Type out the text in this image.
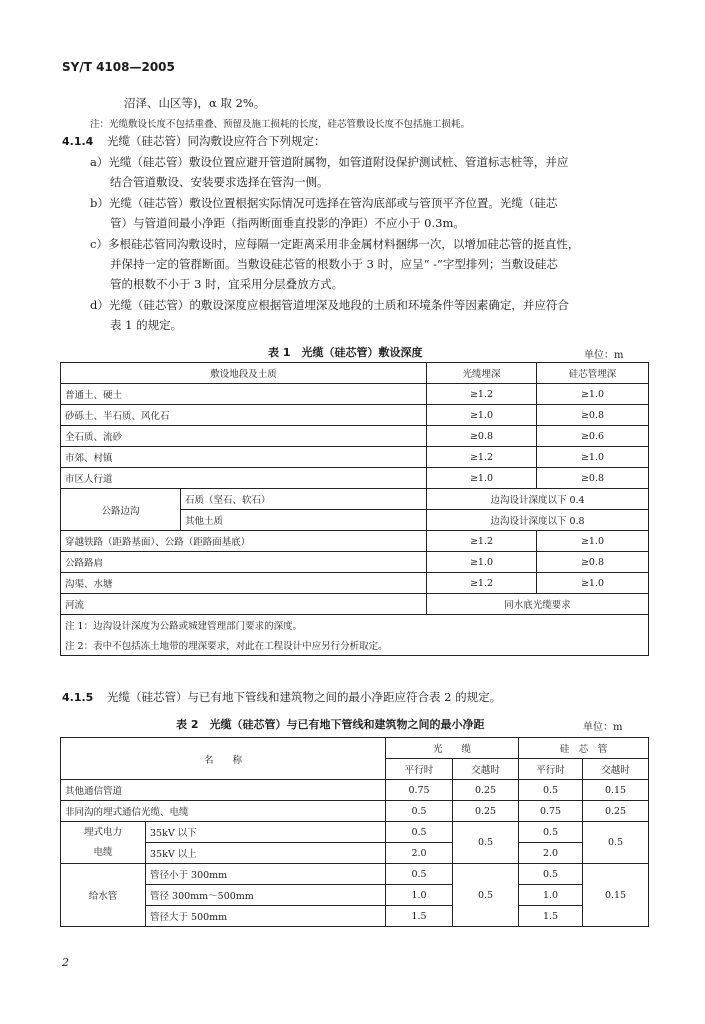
SY/T 4108—2005
沼泽、山区等)，α 取 2%。
注：光缆敷设长度不包括重叠、预留及施工损耗的长度，硅芯管敷设长度不包括施工损耗。
4.1.4 光缆（硅芯管）同沟敷设应符合下列规定：
a）光缆（硅芯管）敷设位置应避开管道附属物，如管道附设保护测试桩、管道标志桩等，并应
结合管道敷设、安装要求选择在管沟一侧。
b）光缆（硅芯管）敷设位置根据实际情况可选择在管沟底部或与管顶平齐位置。光缆（硅芯
管）与管道间最小净距（指两断面垂直投影的净距）不应小于 0.3m。
c）多根硅芯管同沟敷设时，应每隔一定距离采用非金属材料捆绑一次，以增加硅芯管的挺直性，
并保持一定的管群断面。当敷设硅芯管的根数小于 3 时，应呈“ -”字型排列；当敷设硅芯
管的根数不小于 3 时，宜采用分层叠放方式。
d）光缆（硅芯管）的敷设深度应根据管道埋深及地段的土质和环境条件等因素确定，并应符合
表 1 的规定。
表 1　光缆（硅芯管）敷设深度	单位：m
敷设地段及土质		光缆埋深	硅芯管埋深
普通土、硬土		≥1.2	≥1.0
砂砾土、半石质、风化石		≥1.0	≥0.8
全石质、流砂		≥0.8	≥0.6
市郊、村镇		≥1.2	≥1.0
市区人行道		≥1.0	≥0.8
公路边沟	石质（坚石、软石）	边沟设计深度以下 0.4	
	其他土质	边沟设计深度以下 0.8	
穿越铁路（距路基面）、公路（距路面基底）		≥1.2	≥1.0
公路路肩		≥1.0	≥0.8
沟渠、水塘		≥1.2	≥1.0
河流		同水底光缆要求	
注 1：边沟设计深度为公路或城建管理部门要求的深度。			
注 2：表中不包括冻土地带的埋深要求，对此在工程设计中应另行分析取定。			
4.1.5 光缆（硅芯管）与已有地下管线和建筑物之间的最小净距应符合表 2 的规定。
表 2　光缆（硅芯管）与已有地下管线和建筑物之间的最小净距	单位：m
名　　称		光　　缆		硅　芯　管	
		平行时	交越时	平行时	交越时
其他通信管道		0.75	0.25	0.5	0.15
非同沟的埋式通信光缆、电缆		0.5	0.25	0.75	0.25

埋式电力
电缆	35kV 以下	0.5	0.5	0.5	0.5
	35kV 以上	2.0		2.0	
给水管	管径小于 300mm	0.5	0.5	0.5	0.15
	管径 300mm～500mm	1.0		1.0	
	管径大于 500mm	1.5		1.5	
2
